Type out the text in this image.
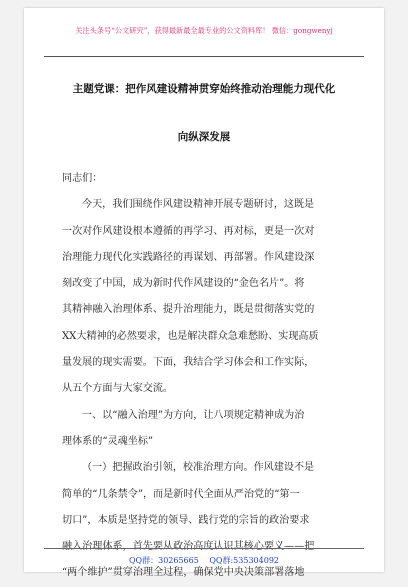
关注头条号“公文研究”，获得最新最全最专业的公文资料库！ 微信：gongwenyj
主题党课：把作风建设精神贯穿始终推动治理能力现代化
向纵深发展
同志们：
今天，我们围绕作风建设精神开展专题研讨，这既是
一次对作风建设根本遵循的再学习、再对标，更是一次对
治理能力现代化实践路径的再谋划、再部署。作风建设深
刻改变了中国，成为新时代作风建设的“金色名片”。将
其精神融入治理体系、提升治理能力，既是贯彻落实党的
XX大精神的必然要求，也是解决群众急难愁盼、实现高质
量发展的现实需要。下面，我结合学习体会和工作实际，
从五个方面与大家交流。
一、以“融入治理”为方向，让八项规定精神成为治
理体系的“灵魂坐标”
（一）把握政治引领，校准治理方向。作风建设不是
简单的“几条禁令”，而是新时代全面从严治党的“第一
切口”，本质是坚持党的领导、践行党的宗旨的政治要求
融入治理体系，首先要从政治高度认识其核心要义——把
“两个维护”贯穿治理全过程，确保党中央决策部署落地
QQ群：30265665 QQ群:535304092
